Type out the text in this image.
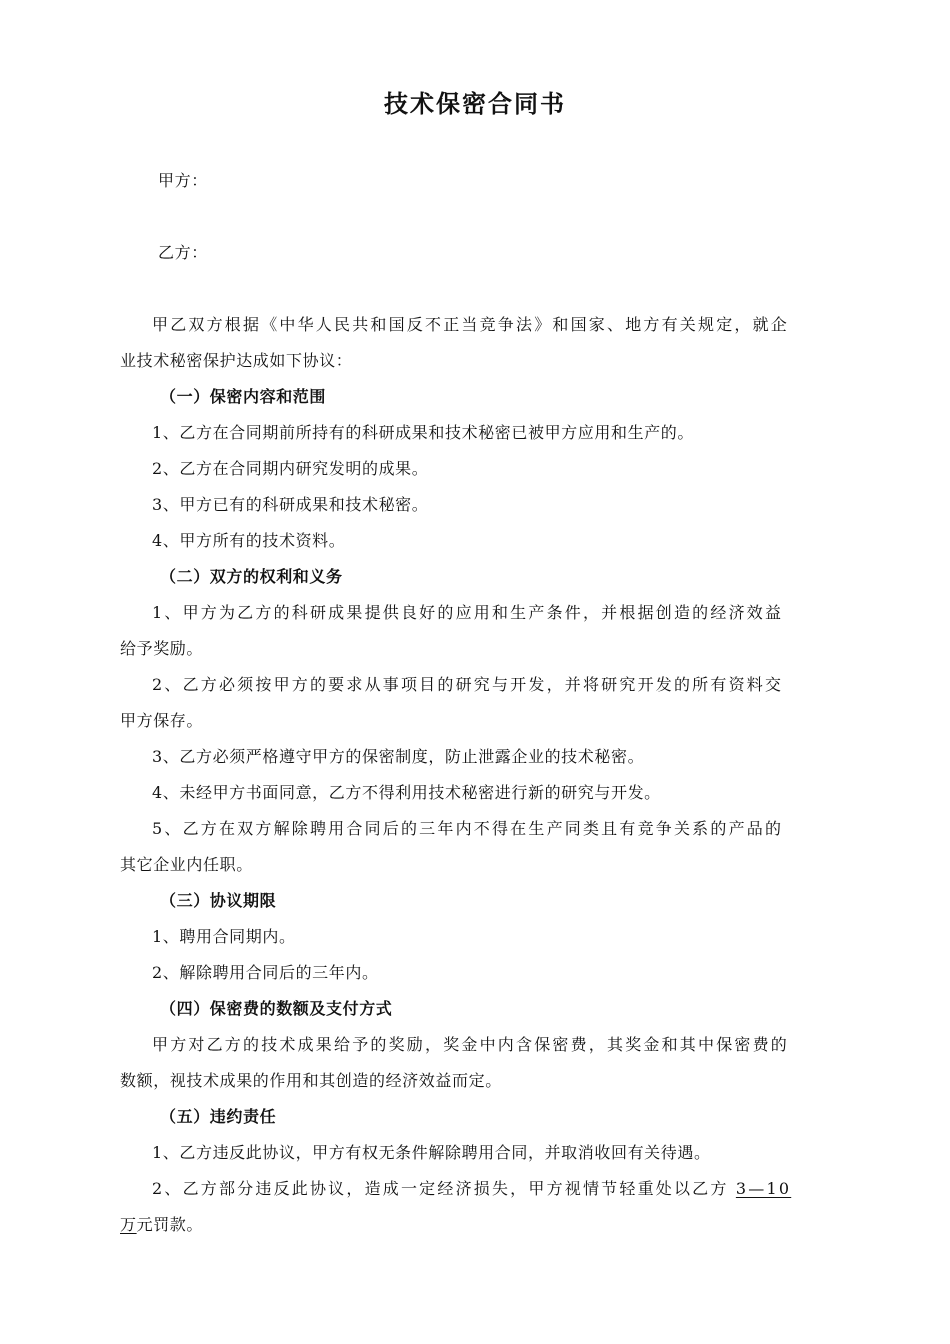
技术保密合同书
甲方：
乙方：
甲乙双方根据《中华人民共和国反不正当竞争法》和国家、地方有关规定，就企
业技术秘密保护达成如下协议：
（一）保密内容和范围
1、乙方在合同期前所持有的科研成果和技术秘密已被甲方应用和生产的。
2、乙方在合同期内研究发明的成果。
3、甲方已有的科研成果和技术秘密。
4、甲方所有的技术资料。
（二）双方的权利和义务
1、甲方为乙方的科研成果提供良好的应用和生产条件，并根据创造的经济效益
给予奖励。
2、乙方必须按甲方的要求从事项目的研究与开发，并将研究开发的所有资料交
甲方保存。
3、乙方必须严格遵守甲方的保密制度，防止泄露企业的技术秘密。
4、未经甲方书面同意，乙方不得利用技术秘密进行新的研究与开发。
5、乙方在双方解除聘用合同后的三年内不得在生产同类且有竞争关系的产品的
其它企业内任职。
（三）协议期限
1、聘用合同期内。
2、解除聘用合同后的三年内。
（四）保密费的数额及支付方式
甲方对乙方的技术成果给予的奖励，奖金中内含保密费，其奖金和其中保密费的
数额，视技术成果的作用和其创造的经济效益而定。
（五）违约责任
1、乙方违反此协议，甲方有权无条件解除聘用合同，并取消收回有关待遇。
2、乙方部分违反此协议，造成一定经济损失，甲方视情节轻重处以乙方 3—10
万元罚款。
